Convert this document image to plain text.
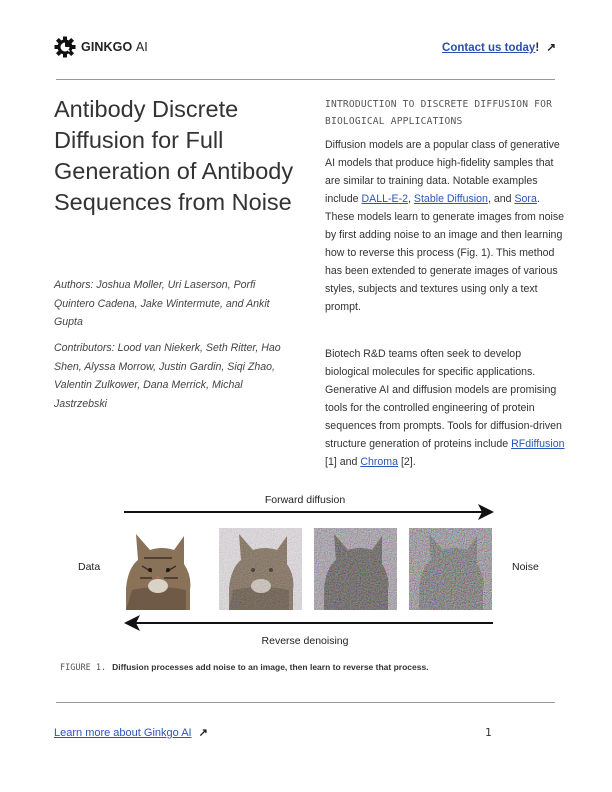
GINKGO AI	Contact us today! ↗
Antibody Discrete Diffusion for Full Generation of Antibody Sequences from Noise

Authors: Joshua Moller, Uri Laserson, Porfi Quintero Cadena, Jake Wintermute, and Ankit Gupta

Contributors: Lood van Niekerk, Seth Ritter, Hao Shen, Alyssa Morrow, Justin Gardin, Siqi Zhao, Valentin Zulkower, Dana Merrick, Michal Jastrzebski

INTRODUCTION TO DISCRETE DIFFUSION FOR BIOLOGICAL APPLICATIONS

Diffusion models are a popular class of generative AI models that produce high-fidelity samples that are similar to training data. Notable examples include DALL-E-2, Stable Diffusion, and Sora. These models learn to generate images from noise by first adding noise to an image and then learning how to reverse this process (Fig. 1). This method has been extended to generate images of various styles, subjects and textures using only a text prompt.

Biotech R&D teams often seek to develop biological molecules for specific applications. Generative AI and diffusion models are promising tools for the controlled engineering of protein sequences from prompts. Tools for diffusion-driven structure generation of proteins include RFdiffusion [1] and Chroma [2].

Forward diffusion
Data	Noise
Reverse denoising
FIGURE 1. Diffusion processes add noise to an image, then learn to reverse that process.
Learn more about Ginkgo AI ↗	1
